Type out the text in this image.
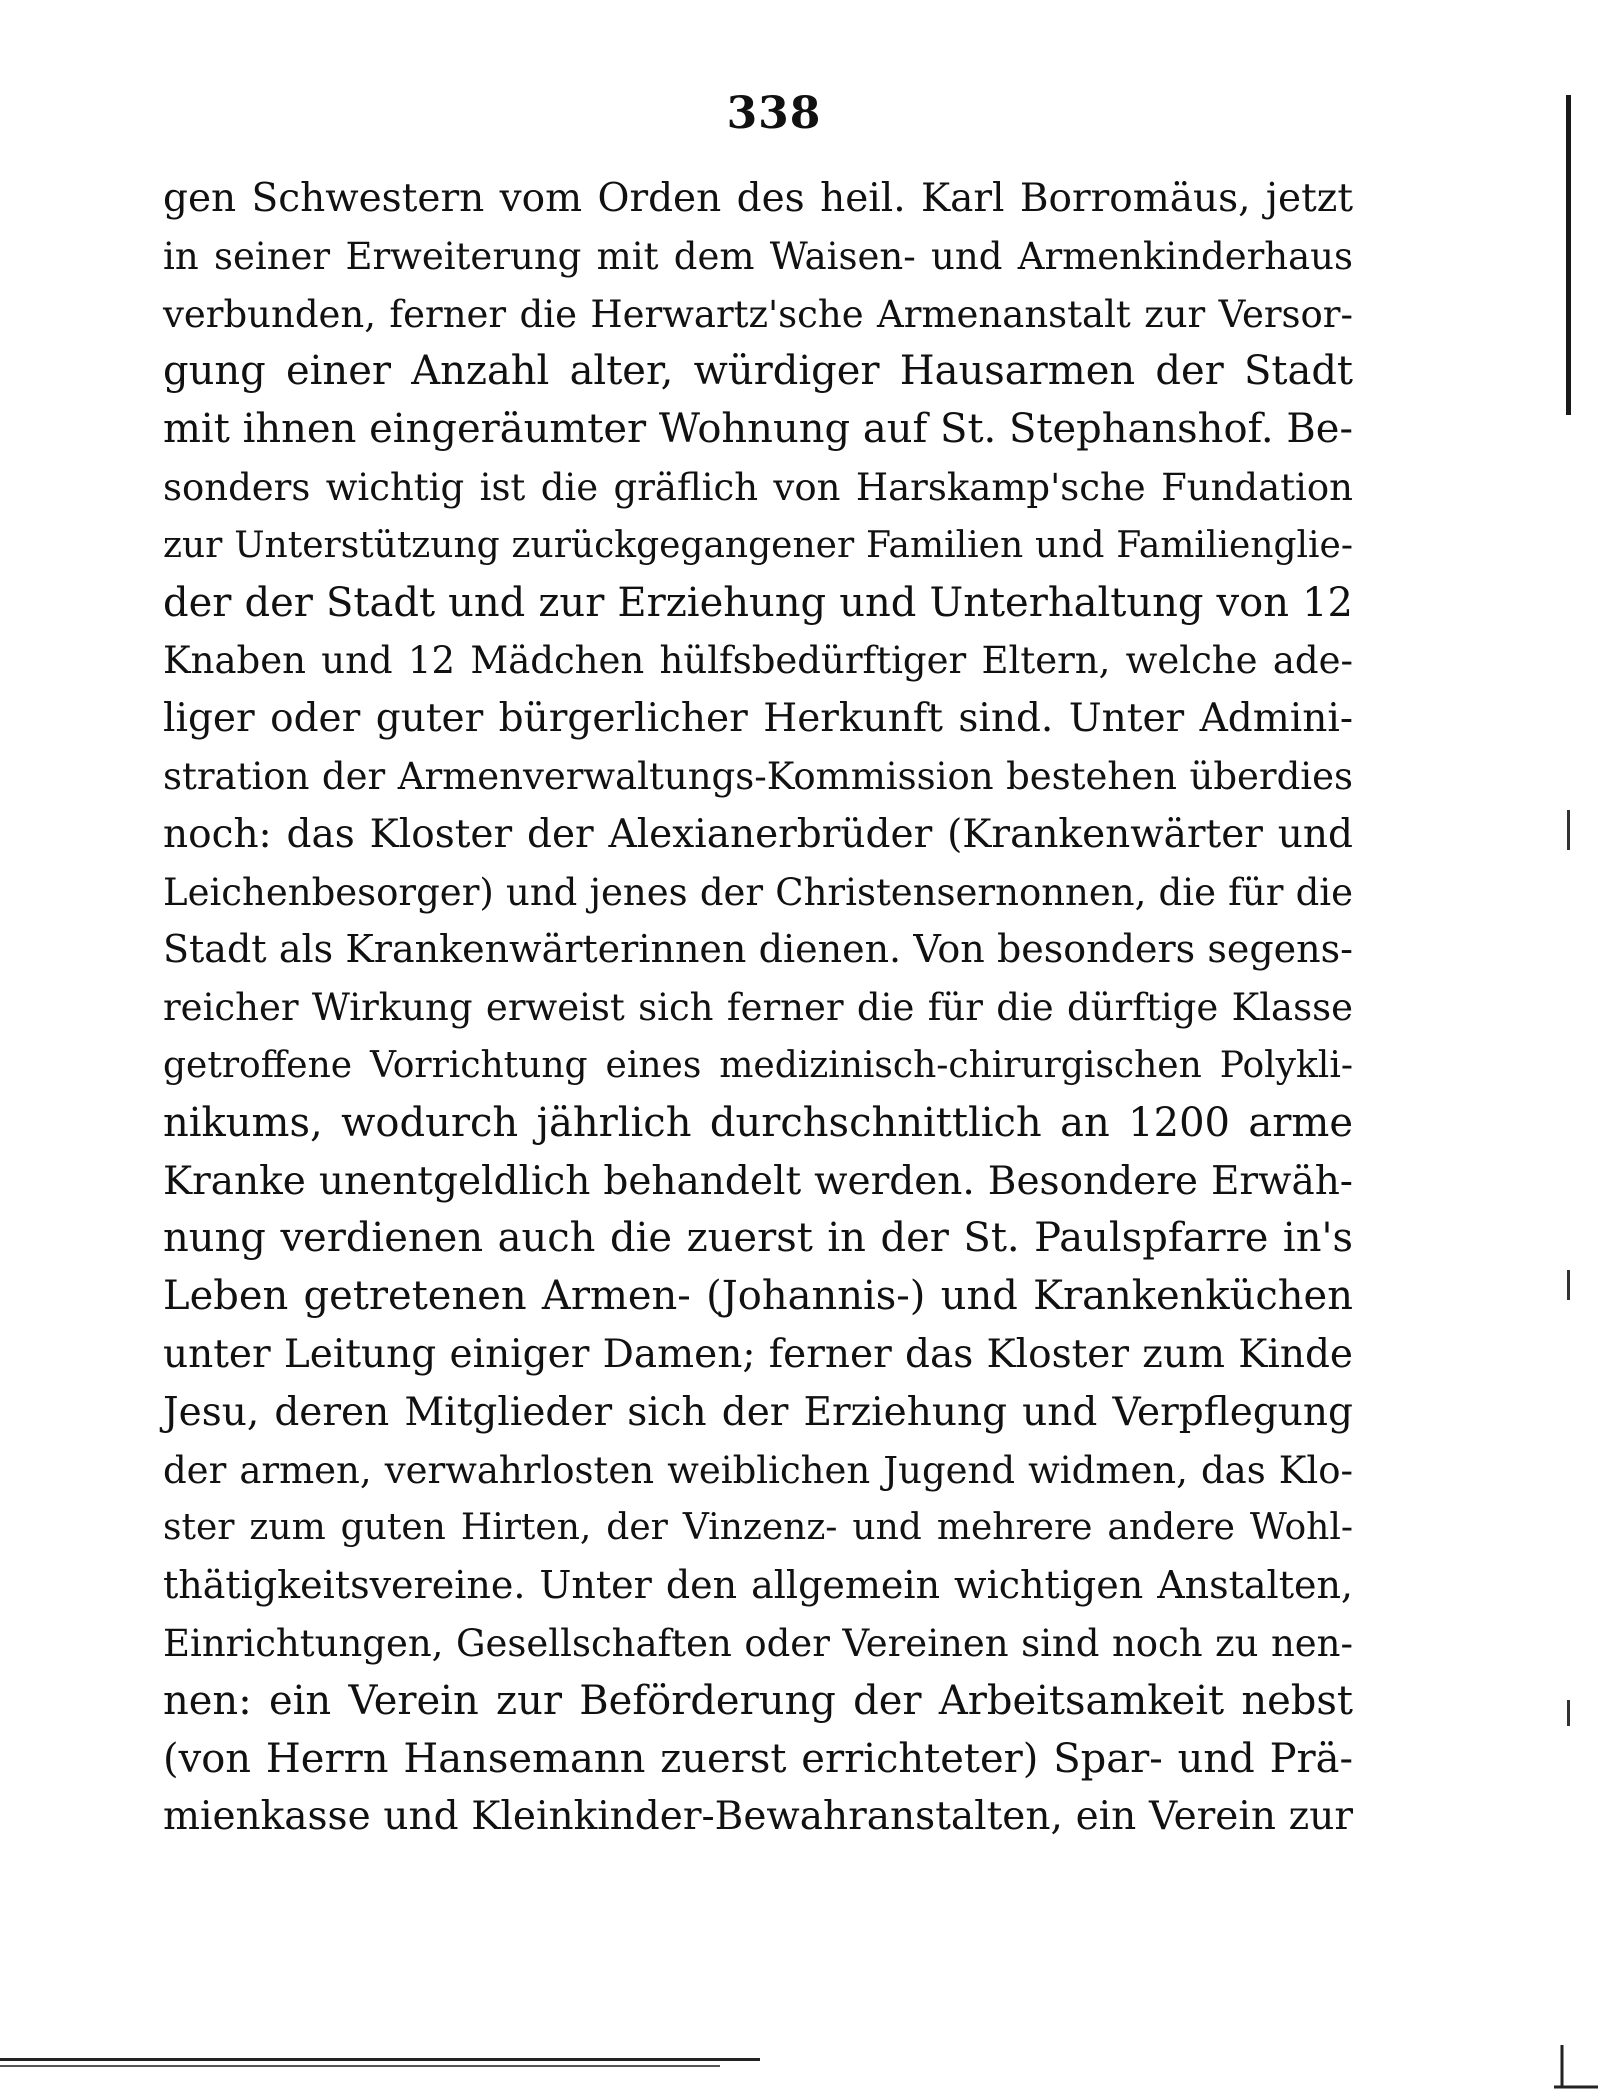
338
gen Schwestern vom Orden des heil. Karl Borromäus, jetzt
in seiner Erweiterung mit dem Waisen- und Armenkinderhaus
verbunden, ferner die Herwartz'sche Armenanstalt zur Versor-
gung einer Anzahl alter, würdiger Hausarmen der Stadt
mit ihnen eingeräumter Wohnung auf St. Stephanshof. Be-
sonders wichtig ist die gräflich von Harskamp'sche Fundation
zur Unterstützung zurückgegangener Familien und Familienglie-
der der Stadt und zur Erziehung und Unterhaltung von 12
Knaben und 12 Mädchen hülfsbedürftiger Eltern, welche ade-
liger oder guter bürgerlicher Herkunft sind. Unter Admini-
stration der Armenverwaltungs-Kommission bestehen überdies
noch: das Kloster der Alexianerbrüder (Krankenwärter und
Leichenbesorger) und jenes der Christensernonnen, die für die
Stadt als Krankenwärterinnen dienen. Von besonders segens-
reicher Wirkung erweist sich ferner die für die dürftige Klasse
getroffene Vorrichtung eines medizinisch-chirurgischen Polykli-
nikums, wodurch jährlich durchschnittlich an 1200 arme
Kranke unentgeldlich behandelt werden. Besondere Erwäh-
nung verdienen auch die zuerst in der St. Paulspfarre in's
Leben getretenen Armen- (Johannis-) und Krankenküchen
unter Leitung einiger Damen; ferner das Kloster zum Kinde
Jesu, deren Mitglieder sich der Erziehung und Verpflegung
der armen, verwahrlosten weiblichen Jugend widmen, das Klo-
ster zum guten Hirten, der Vinzenz- und mehrere andere Wohl-
thätigkeitsvereine. Unter den allgemein wichtigen Anstalten,
Einrichtungen, Gesellschaften oder Vereinen sind noch zu nen-
nen: ein Verein zur Beförderung der Arbeitsamkeit nebst
(von Herrn Hansemann zuerst errichteter) Spar- und Prä-
mienkasse und Kleinkinder-Bewahranstalten, ein Verein zur
